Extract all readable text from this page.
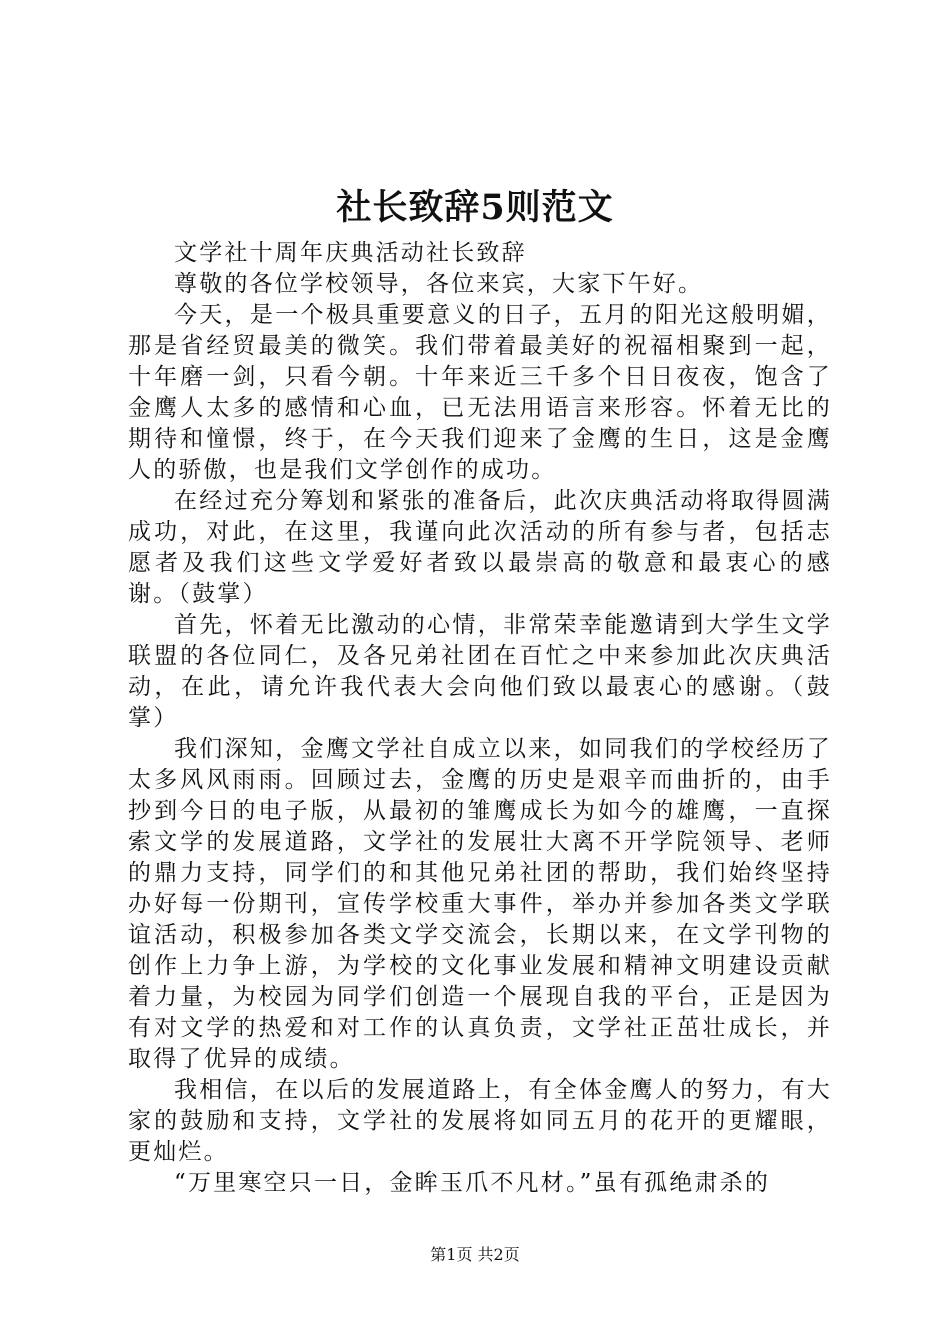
社长致辞5则范文

文学社十周年庆典活动社长致辞

尊敬的各位学校领导，各位来宾，大家下午好。

今天，是一个极具重要意义的日子，五月的阳光这般明媚，那是省经贸最美的微笑。我们带着最美好的祝福相聚到一起，十年磨一剑，只看今朝。十年来近三千多个日日夜夜，饱含了金鹰人太多的感情和心血，已无法用语言来形容。怀着无比的期待和憧憬，终于，在今天我们迎来了金鹰的生日，这是金鹰人的骄傲，也是我们文学创作的成功。

在经过充分筹划和紧张的准备后，此次庆典活动将取得圆满成功，对此，在这里，我谨向此次活动的所有参与者，包括志愿者及我们这些文学爱好者致以最崇高的敬意和最衷心的感谢。（鼓掌）

首先，怀着无比激动的心情，非常荣幸能邀请到大学生文学联盟的各位同仁，及各兄弟社团在百忙之中来参加此次庆典活动，在此，请允许我代表大会向他们致以最衷心的感谢。（鼓掌）

我们深知，金鹰文学社自成立以来，如同我们的学校经历了太多风风雨雨。回顾过去，金鹰的历史是艰辛而曲折的，由手抄到今日的电子版，从最初的雏鹰成长为如今的雄鹰，一直探索文学的发展道路，文学社的发展壮大离不开学院领导、老师的鼎力支持，同学们的和其他兄弟社团的帮助，我们始终坚持办好每一份期刊，宣传学校重大事件，举办并参加各类文学联谊活动，积极参加各类文学交流会，长期以来，在文学刊物的创作上力争上游，为学校的文化事业发展和精神文明建设贡献着力量，为校园为同学们创造一个展现自我的平台，正是因为有对文学的热爱和对工作的认真负责，文学社正茁壮成长，并取得了优异的成绩。

我相信，在以后的发展道路上，有全体金鹰人的努力，有大家的鼓励和支持，文学社的发展将如同五月的花开的更耀眼，更灿烂。

“万里寒空只一日，金眸玉爪不凡材。”虽有孤绝肃杀的

第1页 共2页
